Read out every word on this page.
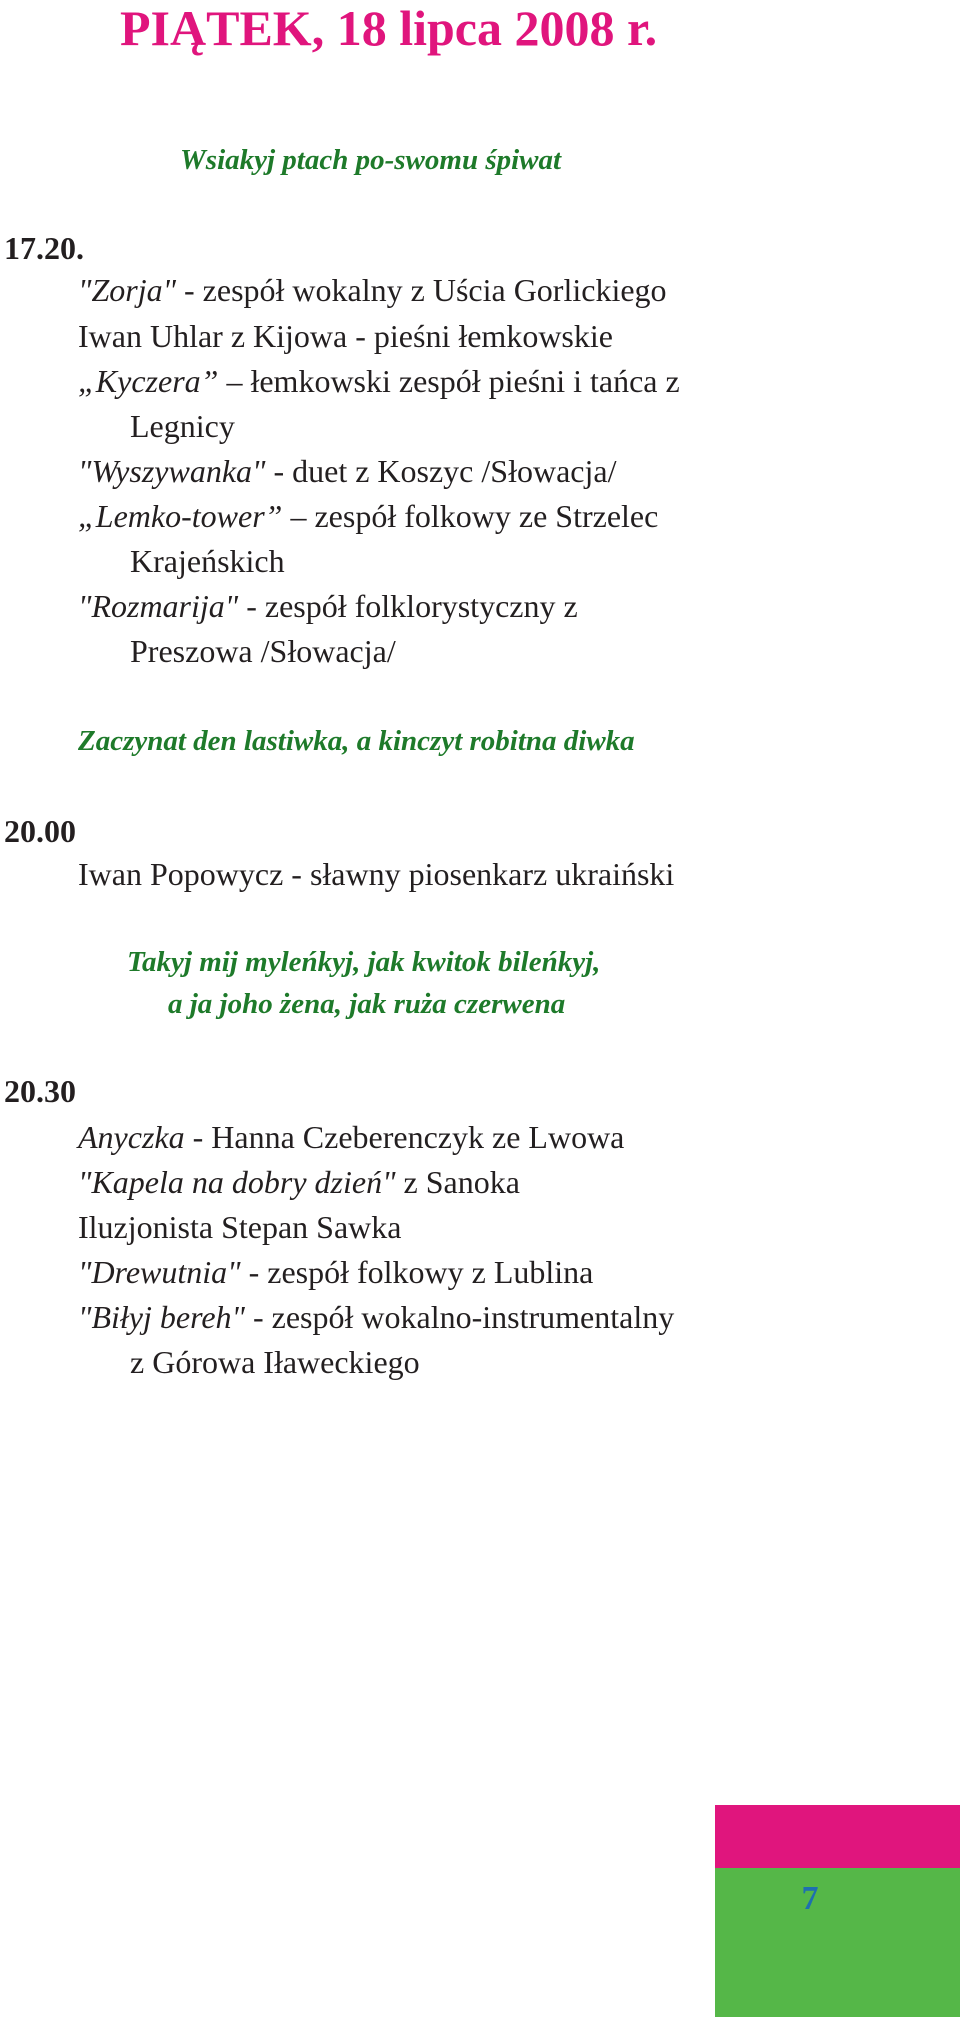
PIĄTEK, 18 lipca 2008 r.
Wsiakyj ptach po-swomu śpiwat
17.20.
"Zorja" - zespół wokalny z Uścia Gorlickiego
Iwan Uhlar z Kijowa - pieśni łemkowskie
„Kyczera” – łemkowski zespół pieśni i tańca z
Legnicy
"Wyszywanka" - duet z Koszyc /Słowacja/
„Lemko-tower” – zespół folkowy ze Strzelec
Krajeńskich
"Rozmarija" - zespół folklorystyczny z
Preszowa /Słowacja/
Zaczynat den lastiwka, a kinczyt robitna diwka
20.00
Iwan Popowycz - sławny piosenkarz ukraiński
Takyj mij myleńkyj, jak kwitok bileńkyj,
a ja joho żena, jak ruża czerwena
20.30
Anyczka - Hanna Czeberenczyk ze Lwowa
"Kapela na dobry dzień" z Sanoka
Iluzjonista Stepan Sawka
"Drewutnia" - zespół folkowy z Lublina
"Biłyj bereh" - zespół wokalno-instrumentalny
z Górowa Iławeckiego
7
